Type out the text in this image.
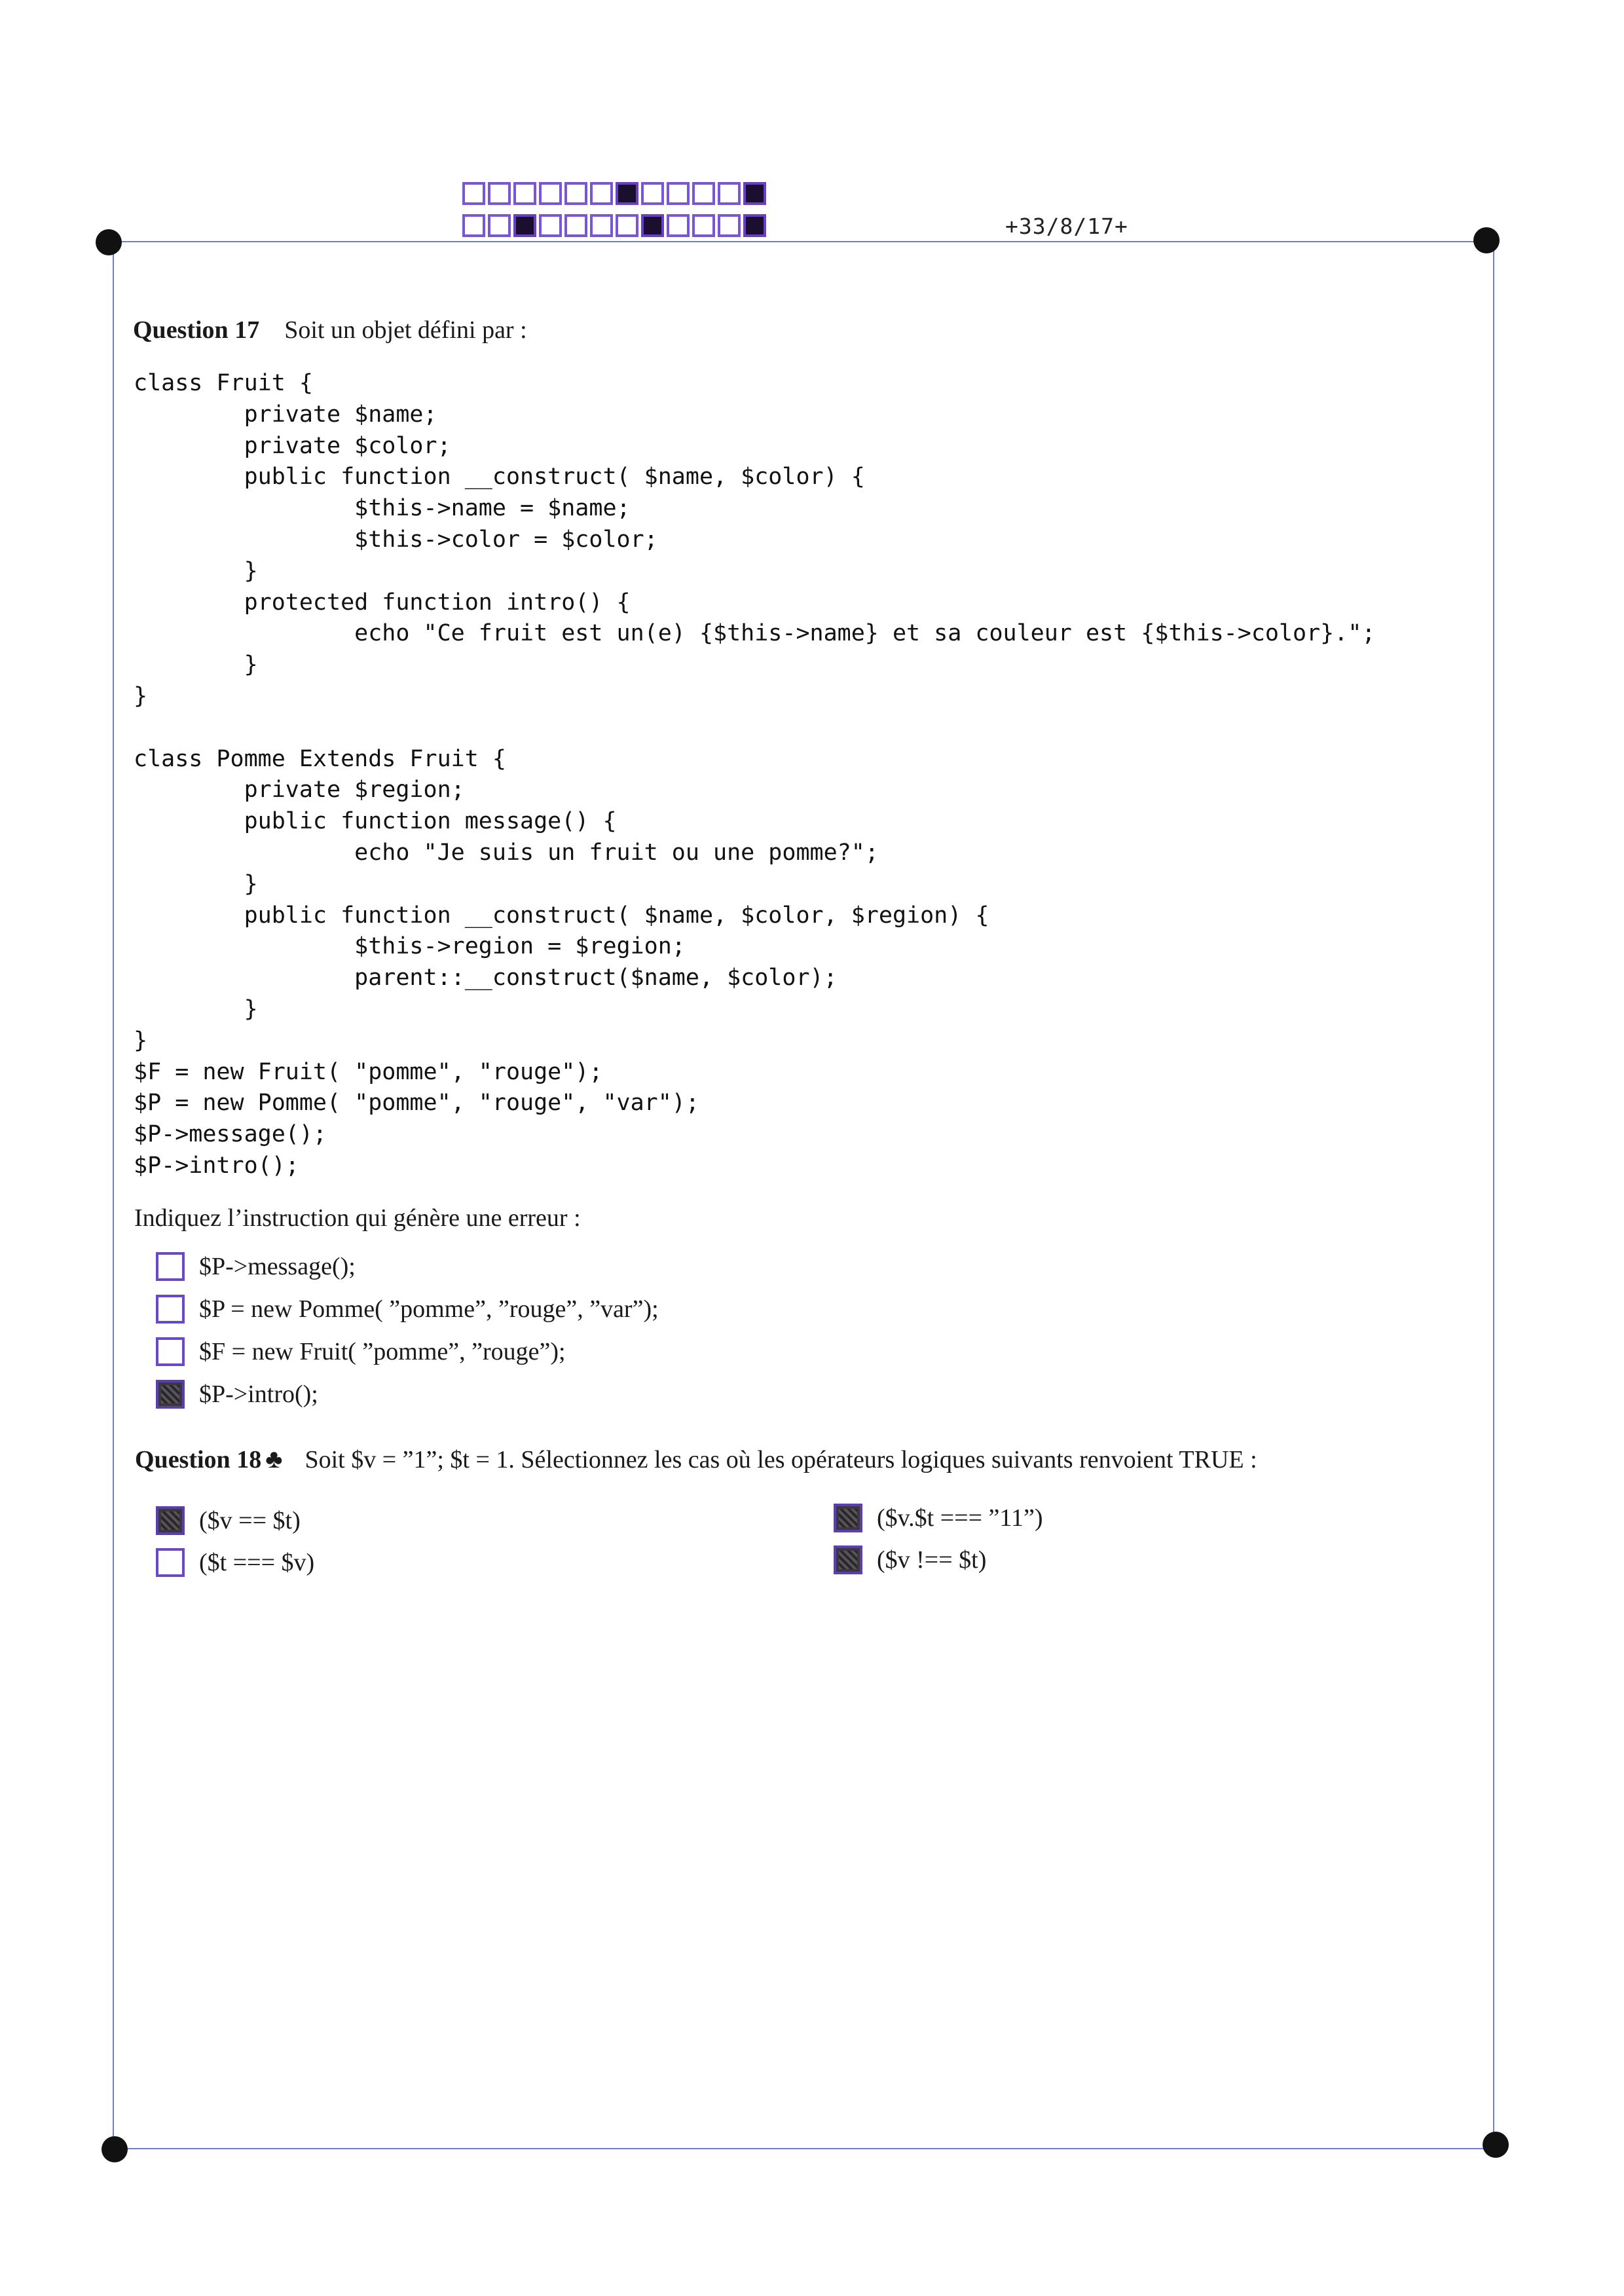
+33/8/17+
Question 17 Soit un objet défini par :
class Fruit {
private $name;
private $color;
public function __construct( $name, $color) {
$this->name = $name;
$this->color = $color;
}
protected function intro() {
echo "Ce fruit est un(e) {$this->name} et sa couleur est {$this->color}.";
}
}

class Pomme Extends Fruit {
private $region;
public function message() {
echo "Je suis un fruit ou une pomme?";
}
public function __construct( $name, $color, $region) {
$this->region = $region;
parent::__construct($name, $color);
}
}
$F = new Fruit( "pomme", "rouge");
$P = new Pomme( "pomme", "rouge", "var");
$P->message();
$P->intro();
Indiquez l’instruction qui génère une erreur :
$P->message();
$P = new Pomme( ”pomme”, ”rouge”, ”var”);
$F = new Fruit( ”pomme”, ”rouge”);
$P->intro();
Question 18 ♣ Soit $v = ”1”; $t = 1. Sélectionnez les cas où les opérateurs logiques suivants renvoient TRUE :
($v == $t)
($t === $v)
($v.$t === ”11”)
($v !== $t)
